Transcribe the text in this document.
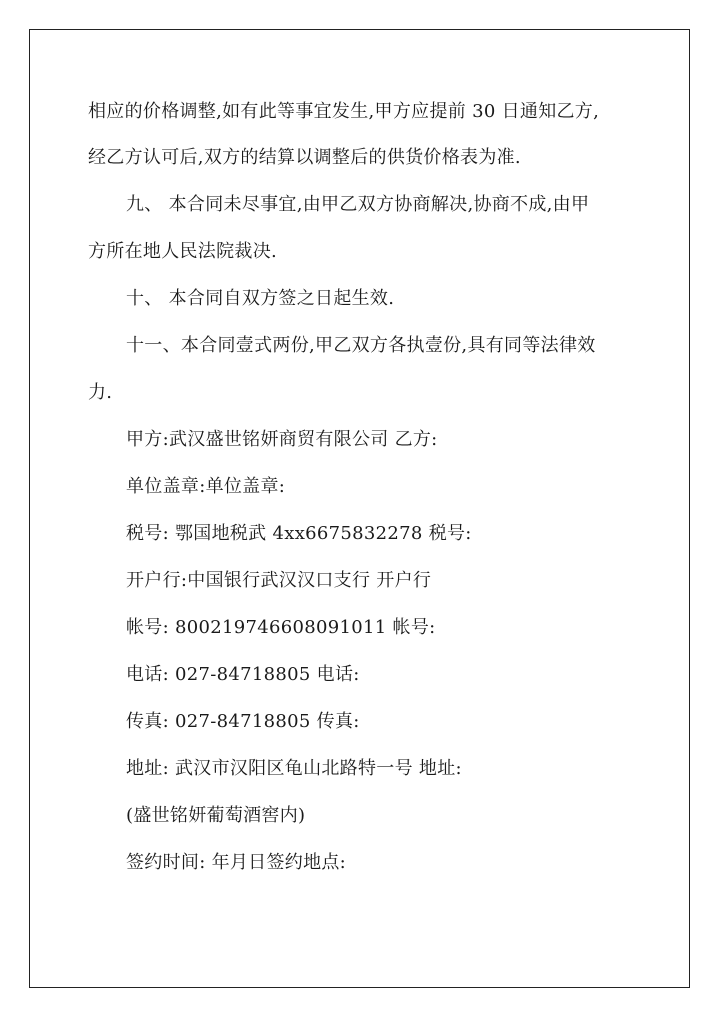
相应的价格调整,如有此等事宜发生,甲方应提前 30 日通知乙方,
经乙方认可后,双方的结算以调整后的供货价格表为准.
九、 本合同未尽事宜,由甲乙双方协商解决,协商不成,由甲
方所在地人民法院裁决.
十、 本合同自双方签之日起生效.
十一、本合同壹式两份,甲乙双方各执壹份,具有同等法律效
力.
甲方:武汉盛世铭妍商贸有限公司 乙方:
单位盖章:单位盖章:
税号: 鄂国地税武 4xx6675832278 税号:
开户行:中国银行武汉汉口支行 开户行
帐号: 800219746608091011 帐号:
电话: 027-84718805 电话:
传真: 027-84718805 传真:
地址: 武汉市汉阳区龟山北路特一号 地址:
(盛世铭妍葡萄酒窖内)
签约时间: 年月日签约地点:
